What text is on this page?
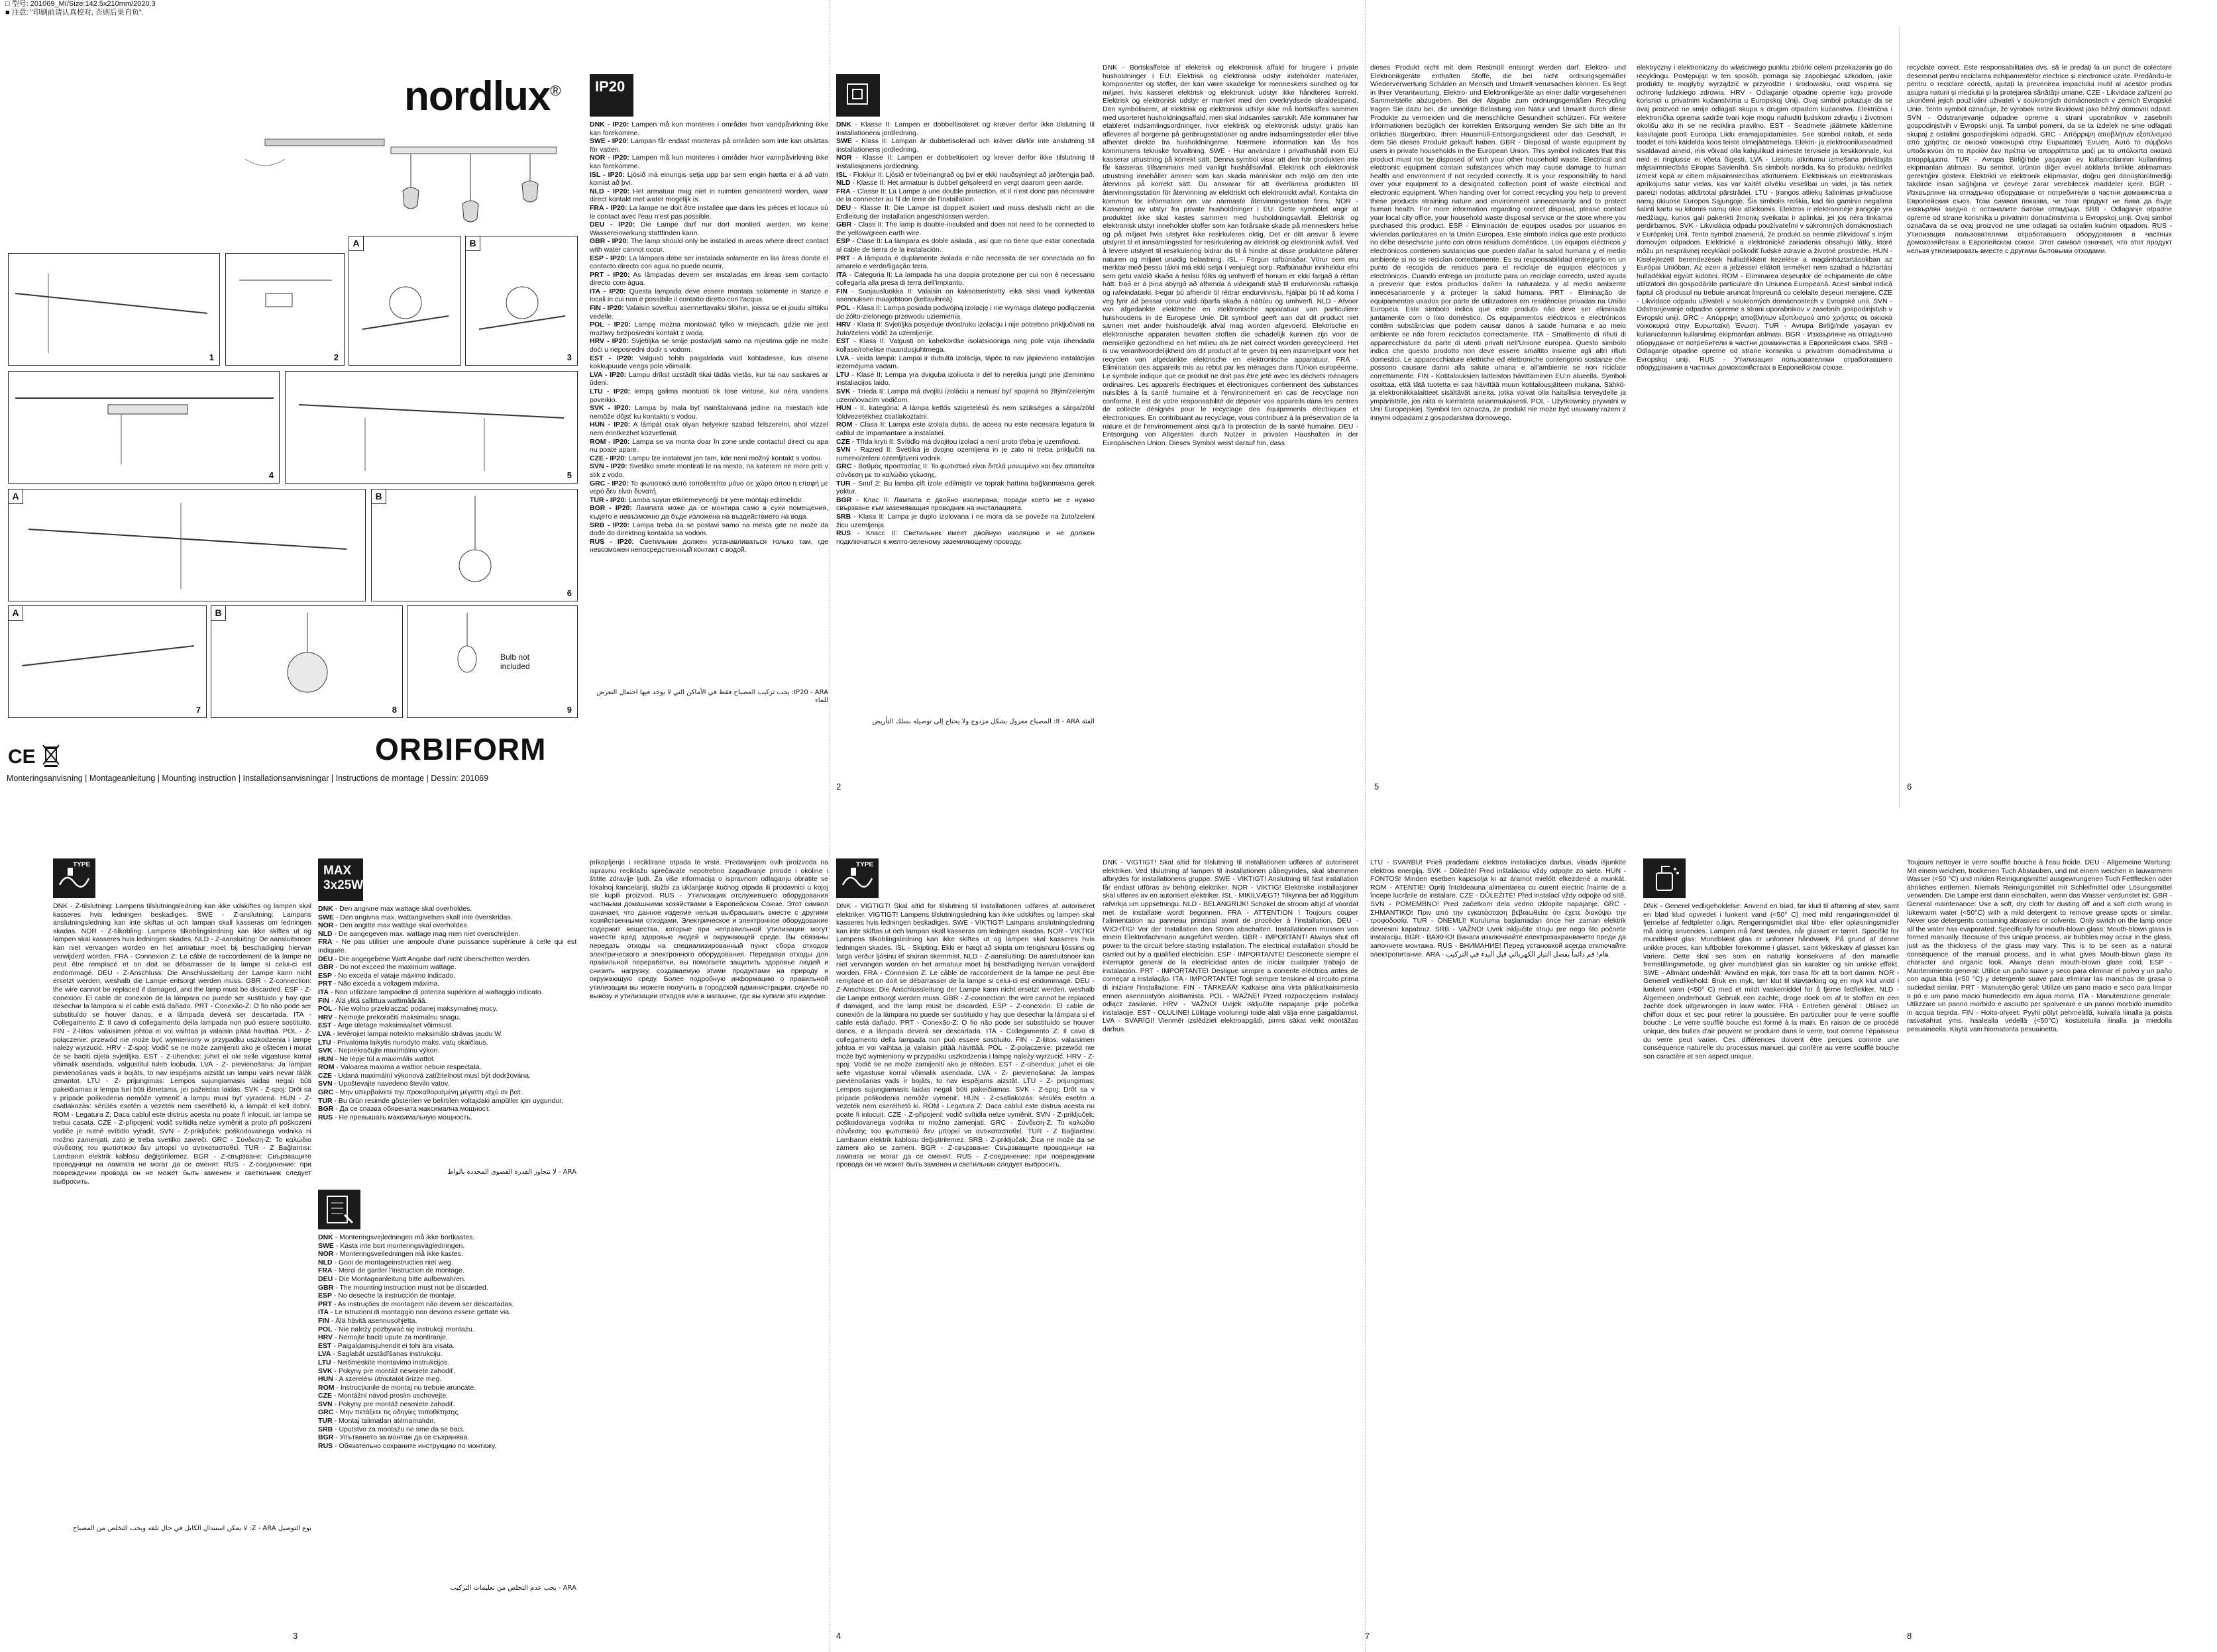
□ 型号: 201069_MI/Size:142.5x210mm/2020.3
■ 注意: "印刷前请认真校对, 否则后果自负".
nordlux®
1	2
A	B
3
4	5
A	B
6
A
7
B
8
Bulb not included
9
CE	ORBIFORM
Monteringsanvisning | Montageanleitung | Mounting instruction | Installationsanvisningar | Instructions de montage | Dessin: 201069
IP20

DNK - IP20: Lampen må kun monteres i områder hvor vandpåvirkning ikke kan forekomme.

SWE - IP20: Lampan får endast monteras på områden som inte kan utsättas för vatten.

NOR - IP20: Lampen må kun monteres i områder hvor vannpåvirkning ikke kan forekomme.

ISL - IP20: Ljósið má einungis setja upp þar sem engin hætta er á að vatn komist að því.

NLD - IP20: Het armatuur mag niet in ruimten gemonteerd worden, waar direct kontakt met water mogelijk is.

FRA - IP20: La lampe ne doit être installée que dans les pièces et locaux où le contact avec l'eau n'est pas possible.

DEU - IP20: Die Lampe darf nur dort montiert werden, wo keine Wassereinwirkung stattfinden kann.

GBR - IP20: The lamp should only be installed in areas where direct contact with water cannot occur.

ESP - IP20: La lámpara debe ser instalada solamente en las áreas donde el contacto directo con agua no puede ocurrir.

PRT - IP20: As lâmpadas devem ser instaladas em áreas sem contacto directo com água.

ITA - IP20: Questa lampada deve essere montata solamente in stanze e locali in cui non è possibile il contatto diretto con l'acqua.

FIN - IP20: Valaisin soveltuu asennettavaksi tiloihin, joissa se ei joudu alttiiksi vedelle.

POL - IP20: Lampę można montować tylko w miejscach, gdzie nie jest możliwy bezpośredni kontakt z wodą.

HRV - IP20: Svjetiljka se smije postavljati samo na mjestima gdje ne može doći u neposredni dodir s vodom.

EST - IP20: Valgusti tohib paigaldada vaid kohtadesse, kus otsene kokkupuude veega pole võimalik.

LVA - IP20: Lampu drīkst uzstādīt tikai tādās vietās, kur tai nav saskares ar ūdeni.

LTU - IP20: lempą galima montuoti tik tose vietose, kur nėra vandens poveikio.

SVK - IP20: Lampa by mala byť nainštalovaná jedine na miestach kde nemôže dôjsť ku kontaktu s vodou.

HUN - IP20: A lámpát csak olyan helyekre szabad felszerelni, ahol vízzel nem érintkezhet közvetlenül.

ROM - IP20: Lampa se va monta doar în zone unde contactul direct cu apa nu poate apare.

CZE - IP20: Lampu lze instalovat jen tam, kde není možný kontakt s vodou.

SVN - IP20: Svetilko smete montirati le na mesto, na katerem ne more priti v stik z vodo.

GRC - IP20: Το φωτιστικό αυτό τοποθετείται μόνο σε χώρο όπου η επαφή με νερό δεν είναι δυνατή.

TUR - IP20: Lamba suyun etkilemeyeceği bir yere montajı edilmelidir.

BGR - IP20: Лампата може да се монтира само в сухи помещения, където е невъзможно да бъде изложена на въздействието на вода.

SRB - IP20: Lampa treba da se postavi samo na mesta gde ne može da dođe do direktnog kontakta sa vodom.

RUS - IP20: Светильник должен устанавливаться только там, где невозможен непосредственный контакт с водой.

IP20 - ARA: يجب تركيب المصباح فقط في الأماكن التي لا يوجد فيها احتمال التعرض للماء
2

DNK - Klasse II: Lampen er dobbeltisoleret og kræver derfor ikke tilslutning til installationens jordledning.

SWE - Klass II: Lampan är dubbelisolerad och kräver därför inte anslutning till installationens jordledning.

NOR - Klasse II: Lampen er dobbeltisolert og krever derfor ikke tilslutning til installasjonens jordledning.

ISL - Flokkur II: Ljósið er tvöeinangrað og því er ekki nauðsynlegt að jarðtengja það.

NLD - Klasse II: Het armatuur is dubbel geïsoleerd en vergt daarom geen aarde.

FRA - Classe II: La Lampe a une double protection, et il n'est donc pas nécessaire de la connecter au fil de terre de l'installation.

DEU - Klasse II: Die Lampe ist doppelt isoliert und muss deshalb nicht an die Erdleitung der Installation angeschlossen werden.

GBR - Class II: The lamp is double-insulated and does not need to be connected to the yellow/green earth wire.

ESP - Clase II: La lámpara es doble aislada , así que no tiene que estar conectada al cable de tierra de la instalación.

PRT - A lâmpada é duplamente isolada e não necessita de ser conectada ao fio amarelo e verde/ligação terra.

ITA - Categoria II: La lampada ha una doppia protezione per cui non è necessario collegarla alla presa di terra dell'impianto.

FIN - Suojausluokka II: Valaisin on kaksoiseristetty eikä siksi vaadi kytkentää asennuksen maajohtoon (keltavihreä).

POL - Klasa II: Lampa posiada podwójną izolację i nie wymaga dlatego podłączenia do żółto-zielonego przewodu uziemienia.

HRV - Klasa II: Svjetiljka posjeduje dvostruku izolaciju i nije potrebno priključivati na žuto/zeleni vodič za uzemljenje.

EST - Klass II: Valgusti on kahekordse isolatsiooniga ning pole vaja ühendada kollase/rohelise maandusjuhtmega.

LVA - veida lampa: Lampai ir dubultā izolācija, tāpēc tā nav jāpievieno instalācijas iezemējuma vadam.

LTU - Klasė II: Lempa yra dviguba izoliuota ir dėl to nereikia jungti prie įžeminimo instaliacijos laido.

SVK - Trieda II: Lampa má dvojitú izoláciu a nemusí byť spojená so žltým/zeleným uzemňovacím vodičom.

HUN - II. kategória: A lámpa kettős szigetelésű és nem szükséges a sárga/zöld földvezetékhez csatlakoztatni.

ROM - Clasa II: Lampa este izolata dublu, de aceea nu este necesara legatura la cablul de impamantare a instalatiei.

CZE - Třída kryti II: Svítidlo má dvojitou izolaci a není proto třeba je uzemňovat.

SVN - Razred II: Svetilka je dvojno ozemljena in je zato ni treba priključiti na rumeno/zeleni ozemljitveni vodnik.

GRC - Βαθμός προστασίας ΙΙ: Το φωτιστικό είναι διπλά μονωμένο και δεν απαιτείται σύνδεση με το καλώδιο γείωσης.

TUR - Sınıf 2: Bu lamba çift izole edilmiştir ve toprak hattına bağlanmasına gerek yoktur.

BGR - Клас II: Лампата е двойно изолирана, поради което не е нужно свързване към заземяващия проводник на инсталацията.

SRB - Klasa II: Lampa je duplo izolovana i ne mora da se poveže na žuto/zeleni žicu uzemljenja.

RUS - Класс II: Светильник имеет двойную изоляцию и не должен подключаться к желто-зеленому заземляющему проводу.

الفئة II - ARA: المصباح معزول بشكل مزدوج ولا يحتاج إلى توصيله بسلك التأريض

DNK - Bortskaffelse af elektrisk og elektronisk affald for brugere i private husholdninger i EU: Elektrisk og elektronisk udstyr indeholder materialer, komponenter og stoffer, der kan være skadelige for menneskers sundhed og for miljøet, hvis kasseret elektrisk og elektronisk udstyr ikke håndteres korrekt. Elektrisk og elektronisk udstyr er mærket med den overkrydsede skraldespand. Den symboliserer, at elektrisk og elektronisk udstyr ikke må bortskaffes sammen med usorteret husholdningsaffald, men skal indsamles særskilt. Alle kommuner har etableret indsamlingsordninger, hvor elektrisk og elektronisk udstyr gratis kan afleveres af borgerne på genbrugsstationer og andre indsamlingssteder eller blive afhentet direkte fra husholdningerne. Nærmere information kan fås hos kommunens tekniske forvaltning. SWE - Hur användare i privathushåll inom EU kasserar utrustning på korrekt sätt. Denna symbol visar att den här produkten inte får kasseras tillsammans med vanligt hushållsavfall. Elektrisk och elektronisk utrustning innehåller ämnen som kan skada människor och miljö om den inte återvinns på korrekt sätt. Du ansvarar för att överlämna produkten till återvinningsstation för återvinning av elektriskt och elektroniskt avfall. Kontakta din kommun för information om var närmaste återvinningsstation finns. NOR - Kassering av utstyr fra private husholdninger i EU: Dette symbolet angir at produktet ikke skal kastes sammen med husholdningsavfall. Elektrisk og elektronisk utstyr inneholder stoffer som kan forårsake skade på menneskers helse og på miljøet hvis utstyret ikke resirkuleres riktig. Det er ditt ansvar å levere utstyret til et innsamlingssted for resirkulering av elektrisk og elektronisk avfall. Ved å levere utstyret til resirkulering bidrar du til å hindre at disse produktene påfører naturen og miljøet unødig belastning. ISL - Förgun rafbúnaðar. Vörur sem eru merktar með þessu tákni má ekki setja í venjulegt sorp. Rafbúnaður inniheldur efni sem getu valdið skaða á heilsu fólks og umhverfi ef honum er ekki fargað á réttan hátt. Það er á þína ábyrgð að afhenda á viðeigandi stað til endurvinnslu raftækja og rafeindatæki. Þegar þú afhendir til réttrar endurvinnslu, hjálpar þú til að koma í veg fyrir að þessar vörur valdi óþarfa skaða á náttúru og umhverfi. NLD - Afvoer van afgedankte elektrische en elektronische apparatuur van particuliere huishoudens in de Europese Unie. Dit symbool geeft aan dat dit product niet samen met ander huishoudelijk afval mag worden afgevoerd. Elektrische en elektronische apparaten bevatten stoffen die schadelijk kunnen zijn voor de menselijke gezondheid en het milieu als ze niet correct worden gerecycleerd. Het is uw verantwoordelijkheid om dit product af te geven bij een inzamelpunt voor het recyclen van afgedankte elektrische en elektronische apparatuur. FRA - Élimination des appareils mis au rebut par les ménages dans l'Union européenne. Le symbole indique que ce produit ne doit pas être jeté avec les déchets ménagers ordinaires. Les appareils électriques et électroniques contiennent des substances nuisibles à la santé humaine et à l'environnement en cas de recyclage non conforme. Il est de votre responsabilité de déposer vos appareils dans les centres de collecte désignés pour le recyclage des équipements électriques et électroniques. En contribuant au recyclage, vous contribuez à la préservation de la nature et de l'environnement ainsi qu'à la protection de la santé humaine. DEU - Entsorgung von Altgeräten durch Nutzer in privaten Haushalten in der Europäischen Union. Dieses Symbol weist darauf hin, dass

dieses Produkt nicht mit dem Restmüll entsorgt werden darf. Elektro- und Elektronikgeräte enthalten Stoffe, die bei nicht ordnungsgemäßer Wiederverwertung Schäden an Mensch und Umwelt verursachen können. Es liegt in Ihrer Verantwortung, Elektro- und Elektronikgeräte an einer dafür vorgesehenen Sammelstelle abzugeben. Bei der Abgabe zum ordnungsgemäßen Recycling tragen Sie dazu bei, die unnötige Belastung von Natur und Umwelt durch diese Produkte zu vermeiden und die menschliche Gesundheit schützen. Für weitere Informationen bezüglich der korrekten Entsorgung wenden Sie sich bitte an Ihr örtliches Bürgerbüro, Ihren Hausmüll-Entsorgungsdienst oder das Geschäft, in dem Sie dieses Produkt gekauft haben. GBR - Disposal of waste equipment by users in private households in the European Union. This symbol indicates that this product must not be disposed of with your other household waste. Electrical and electronic equipment contain substances which may cause damage to human health and environment if not recycled correctly. It is your responsibility to hand over your equipment to a designated collection point of waste electrical and electronic equipment. When handing over for correct recycling you help to prevent these products straining nature and environment unnecessarily and to protect human health. For more information regarding correct disposal, please contact your local city office, your household waste disposal service or the store where you purchased this product. ESP - Eliminación de equipos usados por usuarios en viviendas particulares en la Unión Europea. Este símbolo indica que este producto no debe desecharse junto con otros residuos domésticos. Los equipos eléctricos y electrónicos contienen sustancias que pueden dañar la salud humana y el medio ambiente si no se reciclan correctamente. Es su responsabilidad entregarlo en un punto de recogida de residuos para el reciclaje de equipos eléctricos y electrónicos. Cuando entrega un producto para un reciclaje correcto, usted ayuda a prevenir que estos productos dañen la naturaleza y al medio ambiente innecesariamente y a proteger la salud humana. PRT - Eliminação de equipamentos usados por parte de utilizadores em residências privadas na União Europeia. Este símbolo indica que este produto não deve ser eliminado juntamente com o lixo doméstico. Os equipamentos eléctricos e electrónicos contêm substâncias que podem causar danos à saúde humana e ao meio ambiente se não forem reciclados correctamente. ITA - Smaltimento di rifiuti di apparecchiature da parte di utenti privati nell'Unione europea. Questo simbolo indica che questo prodotto non deve essere smaltito insieme agli altri rifiuti domestici. Le apparecchiature elettriche ed elettroniche contengono sostanze che possono causare danni alla salute umana e all'ambiente se non riciclate correttamente. FIN - Kotitalouksien laitteiston hävittäminen EU:n alueella. Symboli osoittaa, että tätä tuotetta ei saa hävittää muun kotitalousjätteen mukana. Sähkö- ja elektroniikkalaitteet sisältävät aineita, jotka voivat olla haitallisia terveydelle ja ympäristölle, jos niitä ei kierrätetä asianmukaisesti. POL - Użytkownicy prywatni w Unii Europejskiej. Symbol ten oznacza, że produkt nie może być usuwany razem z innymi odpadami z gospodarstwa domowego.

5

elektryczny i elektroniczny do właściwego punktu zbiórki celem przekazania go do recyklingu. Postępując w ten sposób, pomaga się zapobiegać szkodom, jakie produkty te mogłyby wyrządzić w przyrodzie i środowisku, oraz wspiera się ochronę ludzkiego zdrowia. HRV - Odlaganje otpadne opreme koju provode korisnici u privatnim kućanstvima u Europskoj Uniji. Ovaj simbol pokazuje da se ovaj proizvod ne smije odlagati skupa s drugim otpadom kućanstva. Električna i elektronička oprema sadrže tvari koje mogu nahuditi ljudskom zdravlju i životnom okolišu ako ih se ne reciklira pravilno. EST - Seadmete jäätmete käitlemine kasutajate poolt Euroopa Liidu eramajapidamistes. See sümbol näitab, et seda toodet ei tohi käidelda koos teiste olmejäätmetega. Elektri- ja elektroonikaseadmed sisaldavad aineid, mis võivad olla kahjulikud inimeste tervisele ja keskkonnale, kui neid ei ringlusse ei võeta õigesti. LVA - Lietotu atkritumu izmešana privātajās mājsaimniecībās Eiropas Savienībā. Šis simbols norāda, ka šo produktu nedrīkst izmest kopā ar citiem mājsaimniecības atkritumiem. Elektriskais un elektroniskais aprīkojums satur vielas, kas var kaitēt cilvēku veselībai un videi, ja tās netiek pareizi nodotas atkārtotai pārstrādei. LTU - Įrangos atliekų šalinimas privačiuose namų ūkiuose Europos Sąjungoje. Šis simbolis reiškia, kad šio gaminio negalima šalinti kartu su kitomis namų ūkio atliekomis. Elektros ir elektroninėje įrangoje yra medžiagų, kurios gali pakenkti žmonių sveikatai ir aplinkai, jei jos nėra tinkamai perdirbamos. SVK - Likvidácia odpadu používateľmi v súkromných domácnostiach v Európskej Únii. Tento symbol znamená, že produkt sa nesmie zlikvidovať s iným domovým odpadom. Elektrické a elektronické zariadenia obsahujú látky, ktoré môžu pri nesprávnej recyklácii poškodiť ľudské zdravie a životné prostredie. HUN - Kiselejtezett berendezések hulladékként kezelése a magánháztartásokban az Európai Unióban. Az ezen a jelzéssel ellátott terméket nem szabad a háztartási hulladékkal együtt kidobni. ROM - Eliminarea deșeurilor de echipamente de către utilizatorii din gospodăriile particulare din Uniunea Europeană. Acest simbol indică faptul că produsul nu trebuie aruncat împreună cu celelalte deșeuri menajere. CZE - Likvidace odpadu uživateli v soukromých domácnostech v Evropské unii. SVN - Odstranjevanje odpadne opreme s strani uporabnikov v zasebnih gospodinjstvih v Evropski uniji. GRC - Απόρριψη αποβλήτων εξοπλισμού από χρήστες σε οικιακά νοικοκυριά στην Ευρωπαϊκή Ένωση. TUR - Avrupa Birliği'nde yaşayan ev kullanıcılarının kullanılmış ekipmanları atılması. BGR - Изхвърляне на отпадъчно оборудване от потребители в частни домакинства в Европейския съюз. SRB - Odlaganje otpadne opreme od strane korisnika u privatnim domaćinstvima u Evropskoj uniji. RUS - Утилизация пользователями отработавшего оборудования в частных домохозяйствах в Европейском союзе.

recyclate correct. Este responsabilitatea dvs. să le predați la un punct de colectare desemnat pentru reciclarea echipamentelor electrice și electronice uzate. Predându-le pentru o reciclare corectă, ajutați la prevenirea impactului inutil al acestor produs asupra naturii și mediului și la protejarea sănătății umane. CZE - Likvidace zařízení po ukončení jejich používání uživateli v soukromých domácnostech v zemích Evropské Unie. Tento symbol označuje, že výrobek nelze likvidovat jako běžný domovní odpad. SVN - Odstranjevanje odpadne opreme s strani uporabnikov v zasebnih gospodinjstvih v Evropski uniji. Ta simbol pomeni, da se ta izdelek ne sme odlagati skupaj z ostalimi gospodinjskimi odpadki. GRC - Απόρριψη αποβλήτων εξοπλισμού από χρήστες σε οικιακά νοικοκυριά στην Ευρωπαϊκή Ένωση. Αυτό το σύμβολο υποδεικνύει ότι το προϊόν δεν πρέπει να απορρίπτεται μαζί με τα υπόλοιπα οικιακά απορρίμματα. TUR - Avrupa Birliği'nde yaşayan ev kullanıcılarının kullanılmış ekipmanları atılması. Bu sembol, ürünün diğer evsel atıklarla birlikte atılmaması gerektiğini gösterir. Elektrikli ve elektronik ekipmanlar, doğru geri dönüştürülmediği takdirde insan sağlığına ve çevreye zarar verebilecek maddeler içerir. BGR - Изхвърляне на отпадъчно оборудване от потребители в частни домакинства в Европейския съюз. Този символ показва, че този продукт не бива да бъде изхвърлян заедно с останалите битови отпадъци. SRB - Odlaganje otpadne opreme od strane korisnika u privatnim domaćinstvima u Evropskoj uniji. Ovaj simbol označava da se ovaj proizvod ne sme odlagati sa ostalim kućnim otpadom. RUS - Утилизация пользователями отработавшего оборудования в частных домохозяйствах в Европейском союзе. Этот символ означает, что этот продукт нельзя утилизировать вместе с другими бытовыми отходами.

6
TYPE

DNK - Z-tilslutning: Lampens tilslutningsledning kan ikke udskiftes og lampen skal kasseres hvis ledningen beskadiges. SWE - Z-anslutning: Lampans anslutningsledning kan inte skiftas ut och lampan skall kasseras om ledningen skadas. NOR - Z-tilkobling: Lampens tilkoblingsledning kan ikke skiftes ut og lampen skal kasseres hvis ledningen skades. NLD - Z-aansluiting: De aansluitsnoer kan niet vervangen worden en het armatuur moet bij beschadiging hiervan verwijderd worden. FRA - Connexion Z: Le câble de raccordement de la lampe ne peut être remplacé et on doit se débarrasser de la lampe si celui-ci est endommagé. DEU - Z-Anschluss: Die Anschlussleitung der Lampe kann nicht ersetzt werden, weshalb die Lampe entsorgt werden muss. GBR - Z-connection: the wire cannot be replaced if damaged, and the lamp must be discarded. ESP - Z-conexión: El cable de conexión de la lámpara no puede ser sustituido y hay que desechar la lámpara si el cable está dañado. PRT - Conexão-Z: O fio não pode ser substituído se houver danos, e a lâmpada deverá ser descartada. ITA - Collegamento Z: Il cavo di collegamento della lampada non può essere sostituito. FIN - Z-liitos: valaisimen johtoa ei voi vaihtaa ja valaisin pitää hävittää. POL - Z-połączenie: przewód nie może być wymieniony w przypadku uszkodzenia i lampę należy wyrzucić. HRV - Z-spoj: Vodič se ne može zamijeniti ako je oštećen i morat će se baciti cijela svjetiljka. EST - Z-ühendus: juhet ei ole selle vigastuse korral võimalik asendada, valgustitul tuleb loobuda. LVA - Z- pievienošana: Ja lampas pievienošanas vads ir bojāts, to nav iespējams aizstāt un lampu vairs nevar tālāk izmantot. LTU - Z- prijungimas: Lempos sujungiamasis laidas negali būti pakeičiamas ir lempa turi būti išmetama, jei pažeistas laidas. SVK - Z-spoj: Drôt sa v prípade poškodenia nemôže vymeniť a lampu musí byť vyradená. HUN - Z-csatlakozás: sérülés esetén a vezeték nem cserélhető ki, a lámpát el kell dobni. ROM - Legatura Z: Daca cablul este distrus acesta nu poate fi inlocuit, iar lampa se trebui casata. CZE - Z-připojení: vodič svítidla nelze vyměnit a proto při poškození vodiče je nutné svítidlo vyřadit. SVN - Z-priključek: poškodovanega vodnika ni možno zamenjati, zato je treba svetilko zavreči. GRC - Σύνδεση-Ζ: Το καλώδιο σύνδεσης του φωτιστικού δεν μπορεί να αντικατασταθεί. TUR - Z Bağlantısı: Lambanın elektrik kablosu değiştirilemez. BGR - Z-свързване: Свързващите проводници на лампата не могат да се сменят. RUS - Z-соединение: при повреждении провода он не может быть заменен и светильник следует выбросить.

نوع التوصيل Z - ARA: لا يمكن استبدال الكابل في حال تلفه ويجب التخلص من المصباح
MAX
3x25W

DNK - Den angivne max wattage skal overholdes.

SWE - Den angivna max. wattangivelsen skall inte överskridas.

NOR - Den angitte max wattage skal overholdes.

NLD - De aangegeven max. wattage mag men niet overschrijden.

FRA - Ne pas utiliser une ampoule d'une puissance supérieure à celle qui est indiquée.

DEU - Die angegebene Watt Angabe darf nicht überschritten werden.

GBR - Do not exceed the maximum wattage.

ESP - No exceda el vataje máximo indicado.

PRT - Não exceda a voltagem máxima.

ITA - Non utilizzare lampadine di potenza superiore al wattaggio indicato.

FIN - Älä ylitä sallittua wattimäärää.

POL - Nie wolno przekraczać podanej maksymalnej mocy.

HRV - Nemojte prekoračiti maksimalnu snagu.

EST - Ärge ületage maksimaalset võimsust.

LVA - Ievērojiet lampai noteikto maksimālo strāvas jaudu W.

LTU - Privaloma laikytis nurodyto maks. vatų skaičiaus.

SVK - Neprekračujte maximálnu výkon.

HUN - Ne lépje túl a maximális wattot.

ROM - Valoarea maxima a wattior nebuie respectata.

CZE - Udaná maximální výkonová zatížitelnost musí být dodržována.

SVN - Upoštevajte navedeno število vatov.

GRC - Μην υπερβαίνετε την προκαθορισμένη μέγιστη ισχύ σε βατ.

TUR - Bu ürün resimde gösterilen ve belirtilen voltajdaki ampüller için uygundur.

BGR - Да се спазва обявената максимална мощност.

RUS - Не превышать максимальную мощность.

ARA - لا تتجاوز القدرة القصوى المحددة بالواط

DNK - Monteringsvejledningen må ikke bortkastes.

SWE - Kasta inte bort monteringsvägledningen.

NOR - Monteringsveiledningen må ikke kastes.

NLD - Gooi de montageinstructies niet weg.

FRA - Merci de garder l'instruction de montage.

DEU - Die Montageanleitung bitte aufbewahren.

GBR - The mounting instruction must not be discarded.

ESP - No deseche la instrucción de montaje.

PRT - As instruções de montagem não devem ser descartadas.

ITA - Le istruzioni di montaggio non devono essere gettate via.

FIN - Älä hävitä asennusohjetta.

POL - Nie należy pozbywać się instrukcji montażu.

HRV - Nemojte baciti upute za montiranje.

EST - Paigaldamisjuhendit ei tohi ära visata.

LVA - Saglabāt uzstādīšanas instrukciju.

LTU - Neišmeskite montavimo instrukcijos.

SVK - Pokyny pre montáž nesmiete zahodiť.

HUN - A szerelési útmutatót őrizze meg.

ROM - Instrucțiunile de montaj nu trebuie aruncate.

CZE - Montážní návod prosím uschovejte.

SVN - Pokyny pre montáž nesmiete zahodiť.

GRC - Μην πετάξετε τις οδηγίες τοποθέτησης.

TUR - Montaj talimatları atılmamalıdır.

SRB - Uputstvo za montažu ne sme da se baci.

BGR - Упътването за монтаж да се съхранява.

RUS - Обязательно сохраните инструкцию по монтажу.

ARA - يجب عدم التخلص من تعليمات التركيب
3

prikopljenje i reciklirane otpada te vrste. Predavanjem ovih proizvoda na ispravnu reciklažu sprečavate nepotrebno zagađivanje prirode i okoline i štitite zdravlje ljudi. Za više informacija o ispravnom odlaganju obratite se lokalnoj kancelariji, službi za uklanjanje kućnog otpada ili prodavnici u kojoj ste kupili proizvod. RUS - Утилизация отслужившего оборудования частными домашними хозяйствами в Европейском Союзе. Этот символ означает, что данное изделие нельзя выбрасывать вместе с другими хозяйственными отходами. Электрическое и электронное оборудование содержит вещества, которые при неправильной утилизации могут нанести вред здоровью людей и окружающей среде. Вы обязаны передать отходы на специализированный пункт сбора отходов электрического и электронного оборудования. Передавая отходы для правильной переработки, вы помогаете защитить здоровье людей и снизить нагрузку, создаваемую этими продуктами на природу и окружающую среду. Более подробную информацию о правильной утилизации вы можете получить в городской администрации, службе по вывозу и утилизации отходов или в магазине, где вы купили это изделие.

TYPE

DNK - VIGTIGT! Skal altid for tilslutning til installationen udføres af autoriseret elektriker. VIGTIGT! Lampens tilslutningsledning kan ikke udskiftes og lampen skal kasseres hvis ledningen beskadiges. SWE - VIKTIGT! Lampans anslutningsledning kan inte skiftas ut och lampan skall kasseras om ledningen skadas. NOR - VIKTIG! Lampens tilkoblingsledning kan ikke skiftes ut og lampen skal kasseres hvis ledningen skades. ISL - Skipting: Ekki er hægt að skipta um tengisnúru ljóssins og farga verður ljósinu ef snúran skemmist. NLD - Z-aansluiting: De aansluitsnoer kan niet vervangen worden en het armatuur moet bij beschadiging hiervan verwijderd worden. FRA - Connexion Z: Le câble de raccordement de la lampe ne peut être remplacé et on doit se débarrasser de la lampe si celui-ci est endommagé. DEU - Z-Anschluss: Die Anschlussleitung der Lampe kann nicht ersetzt werden, weshalb die Lampe entsorgt werden muss. GBR - Z-connection: the wire cannot be replaced if damaged, and the lamp must be discarded. ESP - Z-conexión: El cable de conexión de la lámpara no puede ser sustituido y hay que desechar la lámpara si el cable está dañado. PRT - Conexão-Z: O fio não pode ser substituído se houver danos, e a lâmpada deverá ser descartada. ITA - Collegamento Z: Il cavo di collegamento della lampada non può essere sostituito. FIN - Z-liitos: valaisimen johtoa ei voi vaihtaa ja valaisin pitää hävittää. POL - Z-połączenie: przewód nie może być wymieniony w przypadku uszkodzenia i lampę należy wyrzucić. HRV - Z-spoj: Vodič se ne može zamijeniti ako je oštećen. EST - Z-ühendus: juhet ei ole selle vigastuse korral võimalik asendada. LVA - Z- pievienošana: Ja lampas pievienošanas vads ir bojāts, to nav iespējams aizstāt. LTU - Z- prijungimas: Lempos sujungiamasis laidas negali būti pakeičiamas. SVK - Z-spoj: Drôt sa v prípade poškodenia nemôže vymeniť. HUN - Z-csatlakozás: sérülés esetén a vezeték nem cserélhető ki. ROM - Legatura Z: Daca cablul este distrus acesta nu poate fi inlocuit. CZE - Z-připojení: vodič svítidla nelze vyměnit. SVN - Z-priključek: poškodovanega vodnika ni možno zamenjati. GRC - Σύνδεση-Ζ: Το καλώδιο σύνδεσης του φωτιστικού δεν μπορεί να αντικατασταθεί. TUR - Z Bağlantısı: Lambanın elektrik kablosu değiştirilemez. SRB - Z-priključak: Žica ne može da se zameni ako se zameni. BGR - Z-свързване: Свързващите проводници на лампата не могат да се сменят. RUS - Z-соединение: при повреждении провода он не может быть заменен и светильник следует выбросить.

4

DNK - VIGTIGT! Skal altid for tilslutning til installationen udføres af autoriseret elektriker. Ved tilslutning af lampen til installationen påbegyndes, skal strømmen afbrydes for installationens gruppe. SWE - VIKTIGT! Anslutning till fast installation får endast utföras av behörig elektriker. NOR - VIKTIG! Elektriske installasjoner skal utføres av en autorisert elektriker. ISL - MIKILVÆGT! Tilkynna ber að löggiltum rafvirkja um uppsetningu. NLD - BELANGRIJK! Schakel de stroom altijd af voordat met de installatie wordt begonnen. FRA - ATTENTION ! Toujours couper l'alimentation au panneau principal avant de procéder à l'installation. DEU - WICHTIG! Vor der Installation den Strom abschalten. Installationen müssen von einem Elektrofachmann ausgeführt werden. GBR - IMPORTANT! Always shut off power to the circuit before starting installation. The electrical installation should be carried out by a qualified electrician. ESP - IMPORTANTE! Desconecte siempre el interruptor general de la electricidad antes de iniciar cualquier trabajo de instalación. PRT - IMPORTANTE! Desligue sempre a corrente eléctrica antes de começar a instalação. ITA - IMPORTANTE! Togli sempre tensione al circuito prima di iniziare l'installazione. FIN - TÄRKEÄÄ! Katkaise aina virta pääkatkaisimesta ennen asennustyön aloittamista. POL - WAŻNE! Przed rozpoczęciem instalacji odłącz zasilanie. HRV - VAŽNO! Uvijek isključite napajanje prije početka instalacije. EST - OLULINE! Lülitage vooluringi toide alati välja enne paigaldamist. LVA - SVARĪGI! Vienmēr izslēdziet elektroapgādi, pirms sākat veikt montāžas darbus.

LTU - SVARBU! Prieš pradėdami elektros instaliacijos darbus, visada išjunkite elektros energiją. SVK - Dôležité! Pred inštaláciou vždy odpojte zo siete. HUN - FONTOS! Minden esetben kapcsolja ki az áramot mielőtt elkezdené a munkát. ROM - ATENȚIE! Opriți întotdeauna alimentarea cu curent electric înainte de a începe lucrările de instalare. CZE - DŮLEŽITÉ! Před instalací vždy odpojte od sítě. SVN - POMEMBNO! Pred začetkom dela vedno izklopite napajanje. GRC - ΣΗΜΑΝΤΙΚΟ! Πριν από την εγκατάσταση βεβαιωθείτε ότι έχετε διακόψει την τροφοδοσία. TUR - ÖNEMLİ! Kuruluma başlamadan önce her zaman elektrik devresini kapatınız. SRB - VAŽNO! Uvek isključite struju pre nego što počnete instalaciju. BGR - ВАЖНО! Винаги изключвайте електрозахранването преди да започнете монтажа. RUS - ВНИМАНИЕ! Перед установкой всегда отключайте электропитание. ARA - هام! قم دائماً بفصل التيار الكهربائي قبل البدء في التركيب

7

DNK - Generel vedligeholdelse: Anvend en blød, før klud til aftørring af støv, samt en blød klud opvredet i lunkent vand (<50° C) med mild rengøringsmiddel til fjernelse af fedtpletter o.lign. Rengøringsmidlet skal tilbe- eller opløsningsmidler må aldrig anvendes. Lampen må først tændes, når glasset er tørret. Specifikt for mundblæst glas: Mundblæst glas er unformer håndværk. På grund af denne unikke proces, kan luftbobler forekomme i glasset, samt lykkeskæv af glasset kan variere. Dette skal ses som en naturlig konsekvens af den manuelle fremstillingsmetode, og giver mundblæst glas sin karakter og sin unikke effekt. SWE - Allmänt underhåll: Använd en mjuk, torr trasa för att ta bort damm. NOR - Generell vedlikehold: Bruk en myk, tørr klut til støvtørking og en myk klut vridd i lunkent vann (<50° C) med et mildt vaskemiddel for å fjerne fettflekker. NLD - Algemeen onderhoud: Gebruik een zachte, droge doek om af te stoffen en een zachte doek uitgewrongen in lauw water. FRA - Entretien général : Utilisez un chiffon doux et sec pour retirer la poussière. En particulier pour le verre soufflé bouche : Le verre soufflé bouche est formé à la main. En raison de ce procédé unique, des bulles d'air peuvent se produire dans le verre, tout comme l'épaisseur du verre peut varier. Ces différences doivent être perçues comme une conséquence naturelle du processus manuel, qui confère au verre soufflé bouche son caractère et son aspect unique.

Toujours nettoyer le verre soufflé bouche à l'eau froide. DEU - Allgemeine Wartung: Mit einem weichen, trockenen Tuch Abstauben, und mit einem weichen in lauwarmem Wasser (<50 °C) und milden Reinigungsmittel ausgewrungenen Tuch Fettflecken oder ähnliches entfernen. Niemals Reinigungsmittel mit Schleifmittel oder Lösungsmittel verwenden. Die Lampe erst dann einschalten, wenn das Wasser verdunstet ist. GBR - General maintenance: Use a soft, dry cloth for dusting off and a soft cloth wrung in lukewarm water (<50°C) with a mild detergent to remove grease spots or similar. Never use detergents containing abrasives or solvents. Only switch on the lamp once all the water has evaporated. Specifically for mouth-blown glass: Mouth-blown glass is formed manually. Because of this unique process, air bubbles may occur in the glass, just as the thickness of the glass may vary. This is to be seen as a natural consequence of the manual process, and is what gives Mouth-blown glass its character and organic look. Always clean mouth-blown glass cold. ESP - Mantenimiento general: Utilice un paño suave y seco para eliminar el polvo y un paño con agua tibia (<50 °C) y detergente suave para eliminar las manchas de grasa o suciedad similar. PRT - Manutenção geral: Utilize um pano macio e seco para limpar o pó e um pano macio humedecido em água morna. ITA - Manutenzione generale: Utilizzare un panno morbido e asciutto per spolverare e un panno morbido inumidito in acqua tiepida. FIN - Hoito-ohjeet: Pyyhi pölyt pehmeällä, kuivalla liinalla ja poista rasvatahrat yms. haalealla vedellä (<50°C) kostutetulla liinalla ja miedolla pesuaineella. Käytä vain hiomatonta pesuainetta.

8
